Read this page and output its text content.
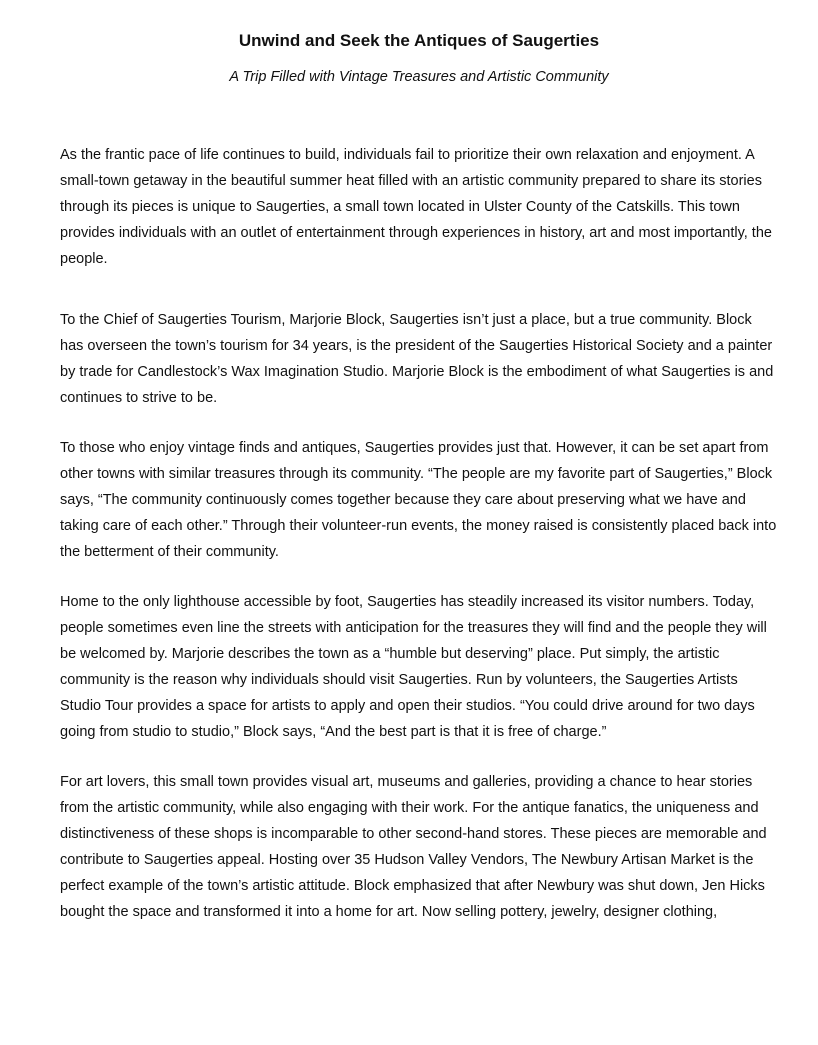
Unwind and Seek the Antiques of Saugerties

A Trip Filled with Vintage Treasures and Artistic Community

As the frantic pace of life continues to build, individuals fail to prioritize their own relaxation and enjoyment. A small-town getaway in the beautiful summer heat filled with an artistic community prepared to share its stories through its pieces is unique to Saugerties, a small town located in Ulster County of the Catskills. This town provides individuals with an outlet of entertainment through experiences in history, art and most importantly, the people.

To the Chief of Saugerties Tourism, Marjorie Block, Saugerties isn’t just a place, but a true community. Block has overseen the town’s tourism for 34 years, is the president of the Saugerties Historical Society and a painter by trade for Candlestock’s Wax Imagination Studio. Marjorie Block is the embodiment of what Saugerties is and continues to strive to be.

To those who enjoy vintage finds and antiques, Saugerties provides just that. However, it can be set apart from other towns with similar treasures through its community. “The people are my favorite part of Saugerties,” Block says, “The community continuously comes together because they care about preserving what we have and taking care of each other.” Through their volunteer-run events, the money raised is consistently placed back into the betterment of their community.

Home to the only lighthouse accessible by foot, Saugerties has steadily increased its visitor numbers. Today, people sometimes even line the streets with anticipation for the treasures they will find and the people they will be welcomed by. Marjorie describes the town as a “humble but deserving” place. Put simply, the artistic community is the reason why individuals should visit Saugerties. Run by volunteers, the Saugerties Artists Studio Tour provides a space for artists to apply and open their studios. “You could drive around for two days going from studio to studio,” Block says, “And the best part is that it is free of charge.”

For art lovers, this small town provides visual art, museums and galleries, providing a chance to hear stories from the artistic community, while also engaging with their work. For the antique fanatics, the uniqueness and distinctiveness of these shops is incomparable to other second-hand stores. These pieces are memorable and contribute to Saugerties appeal. Hosting over 35 Hudson Valley Vendors, The Newbury Artisan Market is the perfect example of the town’s artistic attitude. Block emphasized that after Newbury was shut down, Jen Hicks bought the space and transformed it into a home for art. Now selling pottery, jewelry, designer clothing,
